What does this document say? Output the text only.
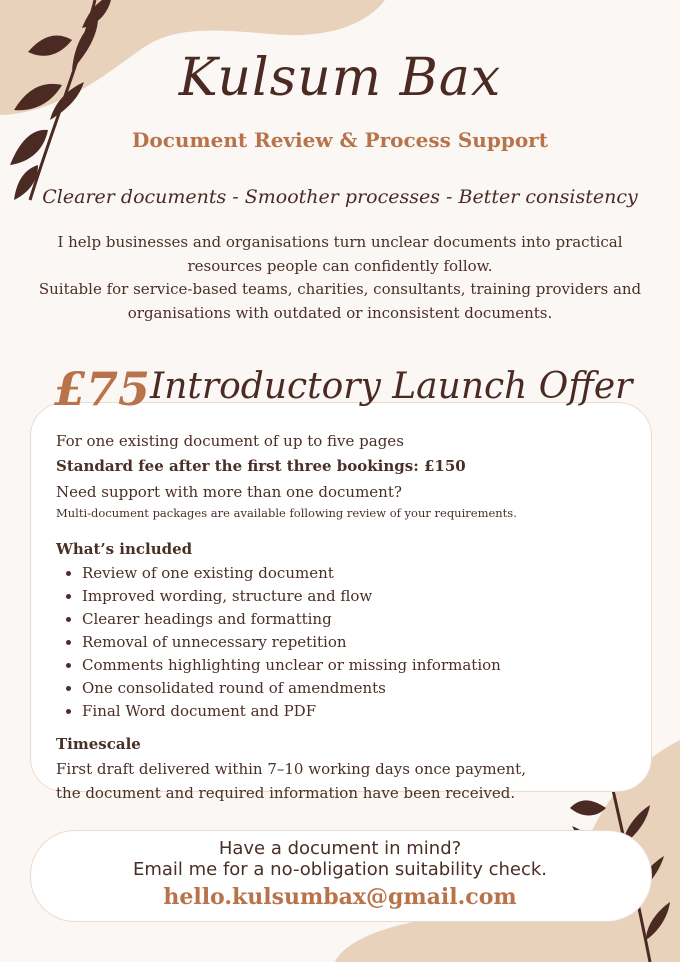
Kulsum Bax
Document Review & Process Support
Clearer documents - Smoother processes - Better consistency
I help businesses and organisations turn unclear documents into practical
resources people can confidently follow.
Suitable for service-based teams, charities, consultants, training providers and
organisations with outdated or inconsistent documents.
£75 Introductory Launch Offer
For one existing document of up to five pages
Standard fee after the first three bookings: £150
Need support with more than one document?
Multi-document packages are available following review of your requirements.
What’s included
• Review of one existing document
• Improved wording, structure and flow
• Clearer headings and formatting
• Removal of unnecessary repetition
• Comments highlighting unclear or missing information
• One consolidated round of amendments
• Final Word document and PDF
Timescale
First draft delivered within 7–10 working days once payment,
the document and required information have been received.
Have a document in mind?
Email me for a no-obligation suitability check.
hello.kulsumbax@gmail.com
